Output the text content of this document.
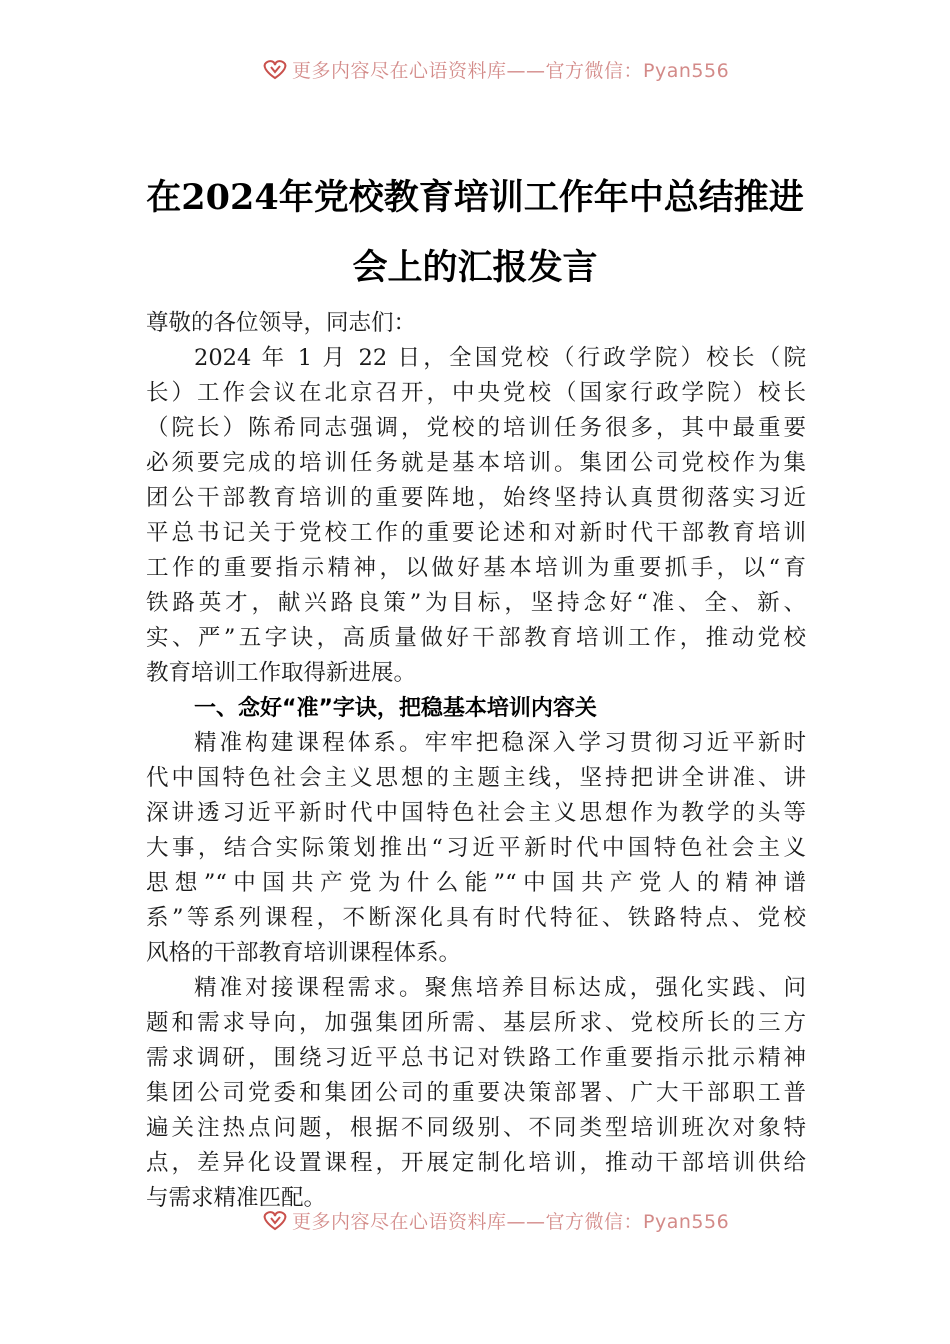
更多内容尽在心语资料库——官方微信：Pyan556
在2024年党校教育培训工作年中总结推进
会上的汇报发言
尊敬的各位领导，同志们：
2024 年 1 月 22 日，全国党校（行政学院）校长（院
长）工作会议在北京召开，中央党校（国家行政学院）校长
（院长）陈希同志强调，党校的培训任务很多，其中最重要
必须要完成的培训任务就是基本培训。集团公司党校作为集
团公干部教育培训的重要阵地，始终坚持认真贯彻落实习近
平总书记关于党校工作的重要论述和对新时代干部教育培训
工作的重要指示精神，以做好基本培训为重要抓手，以“育
铁路英才，献兴路良策”为目标，坚持念好“准、全、新、
实、严”五字诀，高质量做好干部教育培训工作，推动党校
教育培训工作取得新进展。
一、念好“准”字诀，把稳基本培训内容关
精准构建课程体系。牢牢把稳深入学习贯彻习近平新时
代中国特色社会主义思想的主题主线，坚持把讲全讲准、讲
深讲透习近平新时代中国特色社会主义思想作为教学的头等
大事，结合实际策划推出“习近平新时代中国特色社会主义
思想”“中国共产党为什么能”“中国共产党人的精神谱
系”等系列课程，不断深化具有时代特征、铁路特点、党校
风格的干部教育培训课程体系。
精准对接课程需求。聚焦培养目标达成，强化实践、问
题和需求导向，加强集团所需、基层所求、党校所长的三方
需求调研，围绕习近平总书记对铁路工作重要指示批示精神
集团公司党委和集团公司的重要决策部署、广大干部职工普
遍关注热点问题，根据不同级别、不同类型培训班次对象特
点，差异化设置课程，开展定制化培训，推动干部培训供给
与需求精准匹配。
更多内容尽在心语资料库——官方微信：Pyan556
